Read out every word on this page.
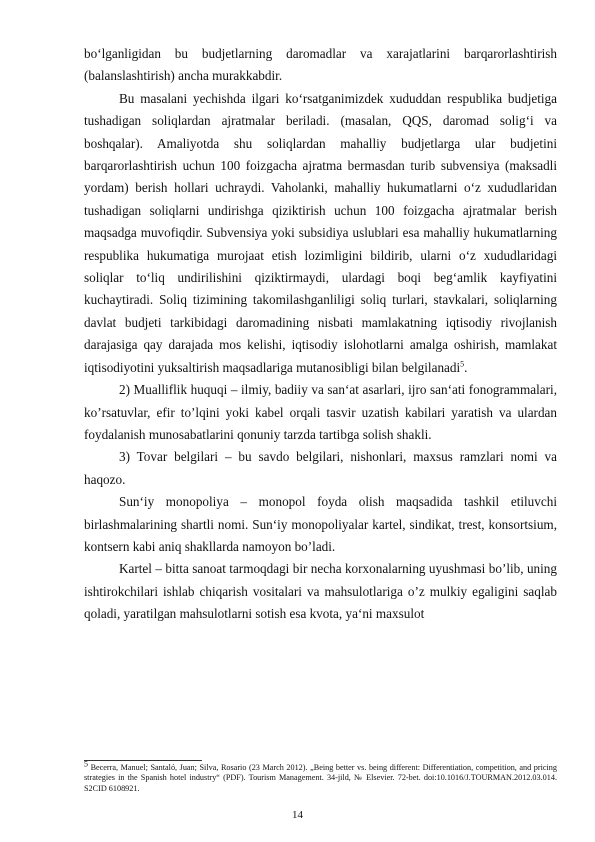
bo‘lganligidan bu budjetlarning daromadlar va xarajatlarini barqarorlashtirish (balanslashtirish) ancha murakkabdir.

Bu masalani yechishda ilgari ko‘rsatganimizdek xududdan respublika budjetiga tushadigan soliqlardan ajratmalar beriladi. (masalan, QQS, daromad solig‘i va boshqalar). Amaliyotda shu soliqlardan mahalliy budjetlarga ular budjetini barqarorlashtirish uchun 100 foizgacha ajratma bermasdan turib subvensiya (maksadli yordam) berish hollari uchraydi. Vaholanki, mahalliy hukumatlarni o‘z xududlaridan tushadigan soliqlarni undirishga qiziktirish uchun 100 foizgacha ajratmalar berish maqsadga muvofiqdir. Subvensiya yoki subsidiya uslublari esa mahalliy hukumatlarning respublika hukumatiga murojaat etish lozimligini bildirib, ularni o‘z xududlaridagi soliqlar to‘liq undirilishini qiziktirmaydi, ulardagi boqi beg‘amlik kayfiyatini kuchaytiradi. Soliq tizimining takomilashganliligi soliq turlari, stavkalari, soliqlarning davlat budjeti tarkibidagi daromadining nisbati mamlakatning iqtisodiy rivojlanish darajasiga qay darajada mos kelishi, iqtisodiy islohotlarni amalga oshirish, mamlakat iqtisodiyotini yuksaltirish maqsadlariga mutanosibligi bilan belgilanadi$^5$.

2) Mualliflik huquqi – ilmiy, badiiy va san‘at asarlari, ijro san‘ati fonogrammalari, ko’rsatuvlar, efir to’lqini yoki kabel orqali tasvir uzatish kabilari yaratish va ulardan foydalanish munosabatlarini qonuniy tarzda tartibga solish shakli.

3) Tovar belgilari – bu savdo belgilari, nishonlari, maxsus ramzlari nomi va haqozo.

Sun‘iy monopoliya – monopol foyda olish maqsadida tashkil etiluvchi birlashmalarining shartli nomi. Sun‘iy monopoliyalar kartel, sindikat, trest, konsortsium, kontsern kabi aniq shakllarda namoyon bo’ladi.

Kartel – bitta sanoat tarmoqdagi bir necha korxonalarning uyushmasi bo’lib, uning ishtirokchilari ishlab chiqarish vositalari va mahsulotlariga o’z mulkiy egaligini saqlab qoladi, yaratilgan mahsulotlarni sotish esa kvota, ya‘ni maxsulot

$^5$ Becerra, Manuel; Santaló, Juan; Silva, Rosario (23 March 2012). „Being better vs. being different: Differentiation, competition, and pricing strategies in the Spanish hotel industry“ (PDF). Tourism Management. 34-jild, № Elsevier. 72-bet. doi:10.1016/J.TOURMAN.2012.03.014. S2CID 6108921.
14
